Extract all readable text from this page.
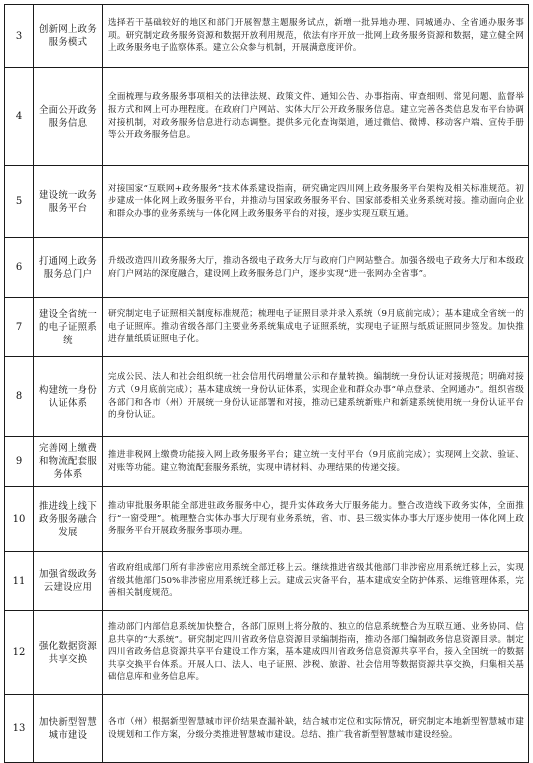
3	创新网上政务服务模式	选择若干基础较好的地区和部门开展智慧主题服务试点，新增一批异地办理、同城通办、全省通办服务事项。研究制定政务服务资源和数据开放利用规范，依法有序开放一批网上政务服务资源和数据，建立健全网上政务服务电子监察体系。建立公众参与机制，开展满意度评价。
4	全面公开政务服务信息	全面梳理与政务服务事项相关的法律法规、政策文件、通知公告、办事指南、审查细则、常见问题、监督举报方式和网上可办理程度。在政府门户网站、实体大厅公开政务服务信息。建立完善各类信息发布平台协调对接机制，对政务服务信息进行动态调整。提供多元化查询渠道，通过微信、微博、移动客户端、宣传手册等公开政务服务信息。
5	建设统一政务服务平台	对接国家“互联网+政务服务”技术体系建设指南，研究确定四川网上政务服务平台架构及相关标准规范。初步建成一体化网上政务服务平台，并推动与国家政务服务平台、国家部委相关业务系统对接。推动面向企业和群众办事的业务系统与一体化网上政务服务平台的对接，逐步实现互联互通。
6	打通网上政务服务总门户	升级改造四川政务服务大厅，推动各级电子政务大厅与政府门户网站整合。加强各级电子政务大厅和本级政府门户网站的深度融合，建设网上政务服务总门户，逐步实现“进一张网办全省事”。
7	建设全省统一的电子证照系统	研究制定电子证照相关制度标准规范；梳理电子证照目录并录入系统（9月底前完成）；基本建成全省统一的电子证照库。推动省级各部门主要业务系统集成电子证照系统，实现电子证照与纸质证照同步签发。加快推进存量纸质证照电子化。
8	构建统一身份认证体系	完成公民、法人和社会组织统一社会信用代码增量公示和存量转换。编制统一身份认证对接规范；明确对接方式（9月底前完成）；基本建成统一身份认证体系，实现企业和群众办事“单点登录、全网通办”。组织省级各部门和各市（州）开展统一身份认证部署和对接，推动已建系统新账户和新建系统使用统一身份认证平台的身份认证。
9	完善网上缴费和物流配套服务体系	推进非税网上缴费功能接入网上政务服务平台；建立统一支付平台（9月底前完成）；实现网上交款、验证、对账等功能。建立物流配套服务系统，实现申请材料、办理结果的传递交接。
10	推进线上线下政务服务融合发展	推动审批服务职能全部进驻政务服务中心，提升实体政务大厅服务能力。整合改造线下政务实体，全面推行“一窗受理”。梳理整合实体办事大厅现有业务系统，省、市、县三级实体办事大厅逐步使用一体化网上政务服务平台开展政务服务事项办理。
11	加强省级政务云建设应用	省政府组成部门所有非涉密应用系统全部迁移上云。继续推进省级其他部门非涉密应用系统迁移上云，实现省级其他部门50%非涉密应用系统迁移上云。建成云灾备平台，基本建成安全防护体系、运维管理体系，完善相关制度规范。
12	强化数据资源共享交换	推动部门内部信息系统加快整合，各部门原则上将分散的、独立的信息系统整合为互联互通、业务协同、信息共享的“大系统”。研究制定四川省政务信息资源目录编制指南，推动各部门编制政务信息资源目录。制定四川省政务信息资源共享平台建设工作方案，基本建成四川省政务信息资源共享平台，接入全国统一的数据共享交换平台体系。开展人口、法人、电子证照、涉税、旅游、社会信用等数据资源共享交换，归集相关基础信息库和业务信息库。
13	加快新型智慧城市建设	各市（州）根据新型智慧城市评价结果查漏补缺，结合城市定位和实际情况，研究制定本地新型智慧城市建设规划和工作方案，分级分类推进智慧城市建设。总结、推广我省新型智慧城市建设经验。
